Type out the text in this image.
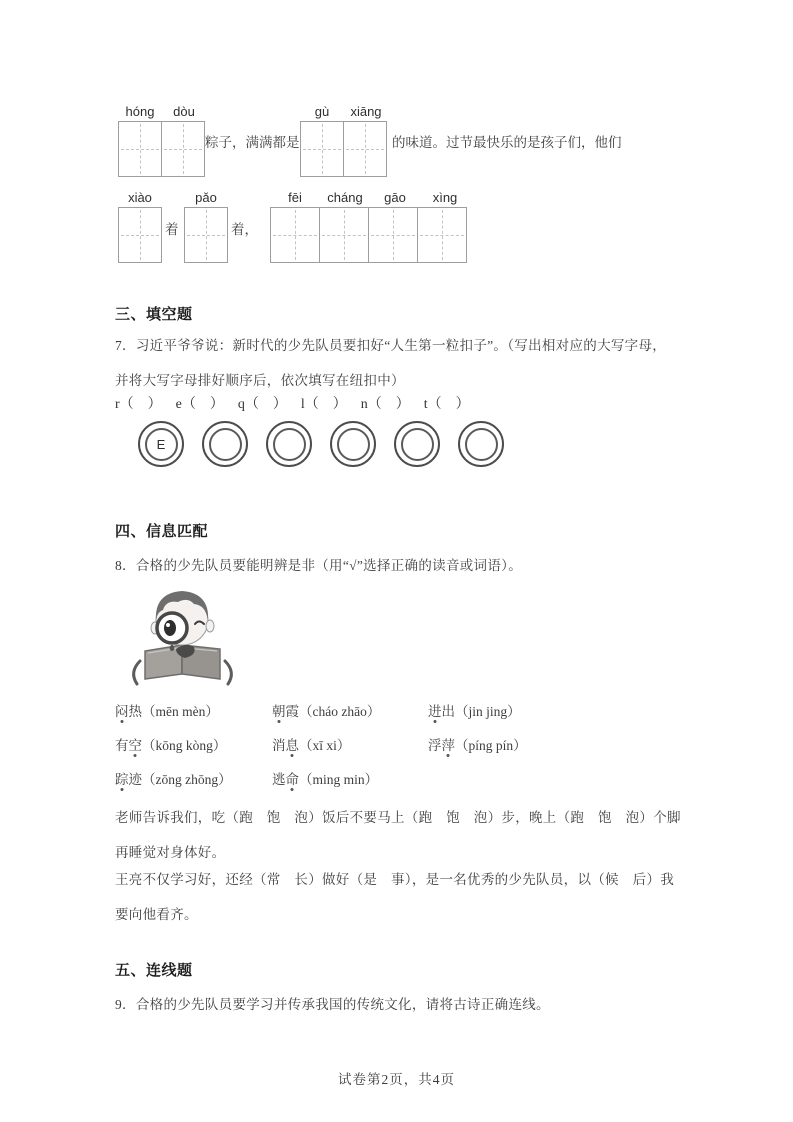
hóng	dòu
粽子，满满都是
gù	xiāng
的味道。过节最快乐的是孩子们，他们
xiào
着
pǎo
着，
fēi	cháng	gāo	xìng
三、填空题
7．习近平爷爷说：新时代的少先队员要扣好“人生第一粒扣子”。（写出相对应的大写字母，
并将大写字母排好顺序后，依次填写在纽扣中）
r（　） e（　） q（　） l（　） n（　） t（　）
E
四、信息匹配
8．合格的少先队员要能明辨是非（用“√”选择正确的读音或词语）。
闷热（mēn mèn）	朝霞（cháo zhāo）	进出（jin jing）
有空（kōng kòng）	消息（xī xi）	浮萍（píng pín）
踪迹（zōng zhōng）	逃命（ming min）
老师告诉我们，吃（跑　饱　泡）饭后不要马上（跑　饱　泡）步，晚上（跑　饱　泡）个脚再睡觉对身体好。
王亮不仅学习好，还经（常　长）做好（是　事），是一名优秀的少先队员，以（候　后）我要向他看齐。
五、连线题
9．合格的少先队员要学习并传承我国的传统文化，请将古诗正确连线。
试卷第2页，共4页
